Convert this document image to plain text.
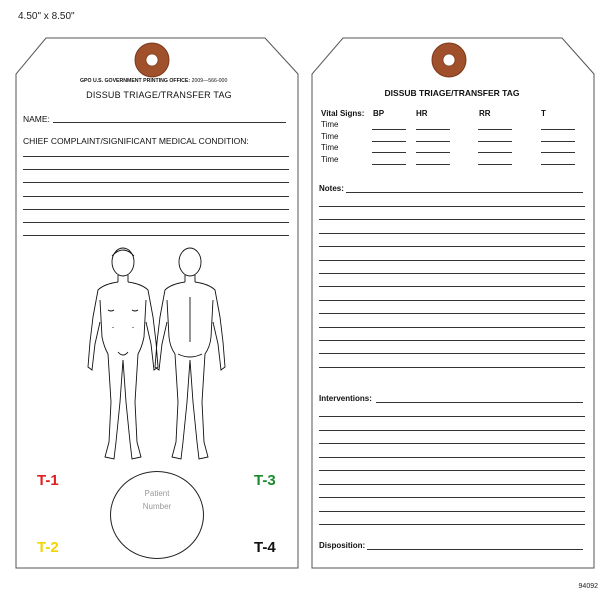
4.50" x 8.50"
94092
GPO U.S. GOVERNMENT PRINTING OFFICE: 2009—566-000
DISSUB TRIAGE/TRANSFER TAG
NAME:
CHIEF COMPLAINT/SIGNIFICANT MEDICAL CONDITION:
T-1
T-2
T-3
T-4
Patient
Number
DISSUB TRIAGE/TRANSFER TAG
Vital Signs: BP	HR	RR	T
Time
Time
Time
Time
Notes:
Interventions:
Disposition:
